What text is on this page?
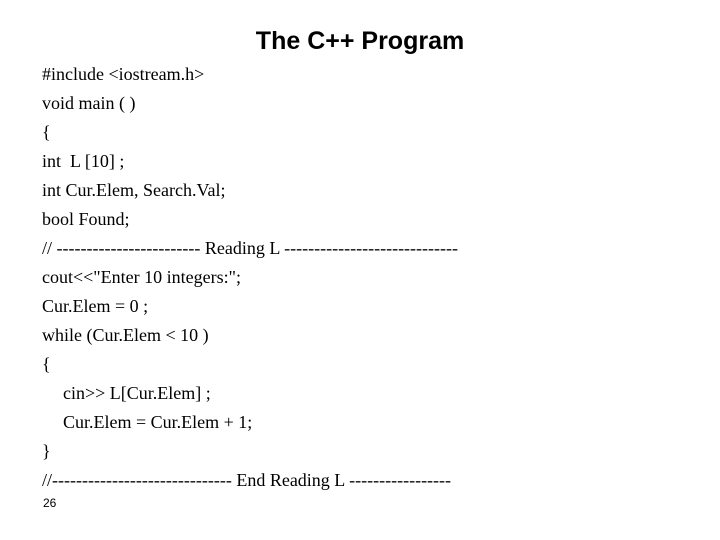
The C++ Program
#include <iostream.h>
void main ( )
{
int  L [10] ;
int Cur.Elem, Search.Val;
bool Found;
// ------------------------ Reading L -----------------------------
cout<<"Enter 10 integers:";
Cur.Elem = 0 ;
while (Cur.Elem < 10 )
{
cin>> L[Cur.Elem] ;
Cur.Elem = Cur.Elem + 1;
}
//------------------------------ End Reading L -----------------
26
